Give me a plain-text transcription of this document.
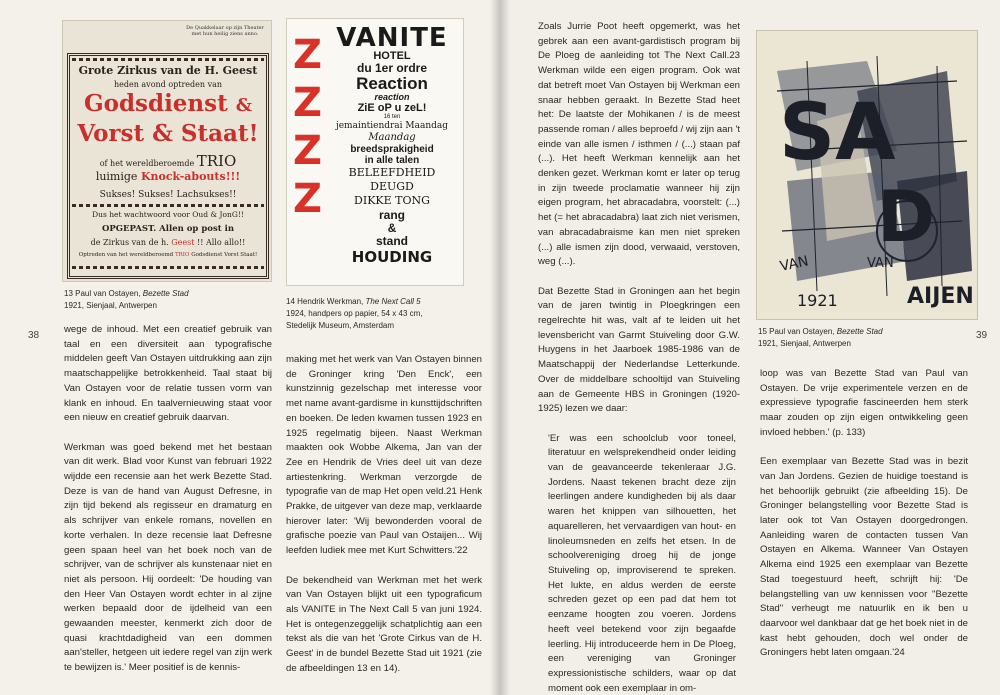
De Quakkelaar op zijn Theater met hun heilig ziens anno.
Grote Zirkus van de H. Geest
heden avond optreden van
Godsdienst &
Vorst & Staat!
of het wereldberoemde TRIO
luimige Knock-abouts!!!
Sukses! Sukses! Lachsukses!!
Dus het wachtwoord voor Oud & JonG!!
OPGEPAST. Allen op post in
de Zirkus van de h. Geest !! Allo allo!!
Optreden van het wereldberoemd TRIO Godsdienst Vorst Staat!
13 Paul van Ostayen, Bezette Stad
1921, Sienjaal, Antwerpen
Z
Z
Z
Z
VANITE
HOTEL
du 1er ordre
Reaction
reaction
ZiE oP u zeL!
16 ten
jemaintiendrai Maandag
Maandag
breedsprakigheid
in alle talen
BELEEFDHEID
DEUGD
DIKKE TONG
rang
&
stand
HOUDING
14 Hendrik Werkman, The Next Call 5
1924, handpers op papier, 54 x 43 cm,
Stedelijk Museum, Amsterdam
38

wege de inhoud. Met een creatief gebruik van taal en een diversiteit aan typografische middelen geeft Van Ostayen uitdrukking aan zijn maatschappelijke betrokkenheid. Taal staat bij Van Ostayen voor de relatie tussen vorm van klank en inhoud. En taalvernieuwing staat voor een nieuw en creatief gebruik daarvan.

Werkman was goed bekend met het bestaan van dit werk. Blad voor Kunst van februari 1922 wijdde een recensie aan het werk Bezette Stad. Deze is van de hand van August Defresne, in zijn tijd bekend als regisseur en dramaturg en als schrijver van enkele romans, novellen en korte verhalen. In deze recensie laat Defresne geen spaan heel van het boek noch van de schrijver, van de schrijver als kunstenaar niet en niet als persoon. Hij oordeelt: 'De houding van den Heer Van Ostayen wordt echter in al zijne werken bepaald door de ijdelheid van een gewaanden meester, kenmerkt zich door de quasi krachtdadigheid van een dommen aan'steller, hetgeen uit iedere regel van zijn werk te bewijzen is.' Meer positief is de kennis-

making met het werk van Van Ostayen binnen de Groninger kring 'Den Enck', een kunstzinnig gezelschap met interesse voor met name avant-gardisme in kunsttijdschriften en boeken. De leden kwamen tussen 1923 en 1925 regelmatig bijeen. Naast Werkman maakten ook Wobbe Alkema, Jan van der Zee en Hendrik de Vries deel uit van deze artiestenkring. Werkman verzorgde de typografie van de map Het open veld.21 Henk Prakke, de uitgever van deze map, verklaarde hierover later: 'Wij bewonderden vooral de grafische poezie van Paul van Ostaijen... Wij leefden ludiek mee met Kurt Schwitters.'22

De bekendheid van Werkman met het werk van Van Ostayen blijkt uit een typograficum als VANITE in The Next Call 5 van juni 1924. Het is ontegenzeggelijk schatplichtig aan een tekst als die van het 'Grote Cirkus van de H. Geest' in de bundel Bezette Stad uit 1921 (zie de afbeeldingen 13 en 14).

Zoals Jurrie Poot heeft opgemerkt, was het gebrek aan een avant-gardistisch program bij De Ploeg de aanleiding tot The Next Call.23 Werkman wilde een eigen program. Ook wat dat betreft moet Van Ostayen bij Werkman een snaar hebben geraakt. In Bezette Stad heet het: De laatste der Mohikanen / is de meest passende roman / alles beproefd / wij zijn aan 't einde van alle ismen / isthmen / (...) staan paf (...). Het heeft Werkman kennelijk aan het denken gezet. Werkman komt er later op terug in zijn tweede proclamatie wanneer hij zijn eigen program, het abracadabra, voorstelt: (...) het (= het abracadabra) laat zich niet verismen, van abracadabraisme kan men niet spreken (...) alle ismen zijn dood, verwaaid, verstoven, weg (...).

Dat Bezette Stad in Groningen aan het begin van de jaren twintig in Ploegkringen een regelrechte hit was, valt af te leiden uit het levensbericht van Garmt Stuiveling door G.W. Huygens in het Jaarboek 1985-1986 van de Maatschappij der Nederlandse Letterkunde. Over de middelbare schooltijd van Stuiveling aan de Gemeente HBS in Groningen (1920-1925) lezen we daar:

'Er was een schoolclub voor toneel, literatuur en welsprekendheid onder leiding van de geavanceerde tekenleraar J.G. Jordens. Naast tekenen bracht deze zijn leerlingen andere kundigheden bij als daar waren het knippen van silhouetten, het aquarelleren, het vervaardigen van hout- en linoleumsneden en zelfs het etsen. In de schoolvereniging droeg hij de jonge Stuiveling op, improviserend te spreken. Het lukte, en aldus werden de eerste schreden gezet op een pad dat hem tot eenzame hoogten zou voeren. Jordens heeft veel betekend voor zijn begaafde leerling. Hij introduceerde hem in De Ploeg, een vereniging van Groninger expressionistische schilders, waar op dat moment ook een exemplaar in om-

SA
D
VAN	VAN
1921	AIJEN
15 Paul van Ostayen, Bezette Stad
1921, Sienjaal, Antwerpen
39

loop was van Bezette Stad van Paul van Ostayen. De vrije experimentele verzen en de expressieve typografie fascineerden hem sterk maar zouden op zijn eigen ontwikkeling geen invloed hebben.' (p. 133)

Een exemplaar van Bezette Stad was in bezit van Jan Jordens. Gezien de huidige toestand is het behoorlijk gebruikt (zie afbeelding 15). De Groninger belangstelling voor Bezette Stad is later ook tot Van Ostayen doorgedrongen. Aanleiding waren de contacten tussen Van Ostayen en Alkema. Wanneer Van Ostayen Alkema eind 1925 een exemplaar van Bezette Stad toegestuurd heeft, schrijft hij: 'De belangstelling van uw kennissen voor "Bezette Stad" verheugt me natuurlik en ik ben u daarvoor wel dankbaar dat ge het boek niet in de kast hebt gehouden, doch wel onder de Groningers hebt laten omgaan.'24
